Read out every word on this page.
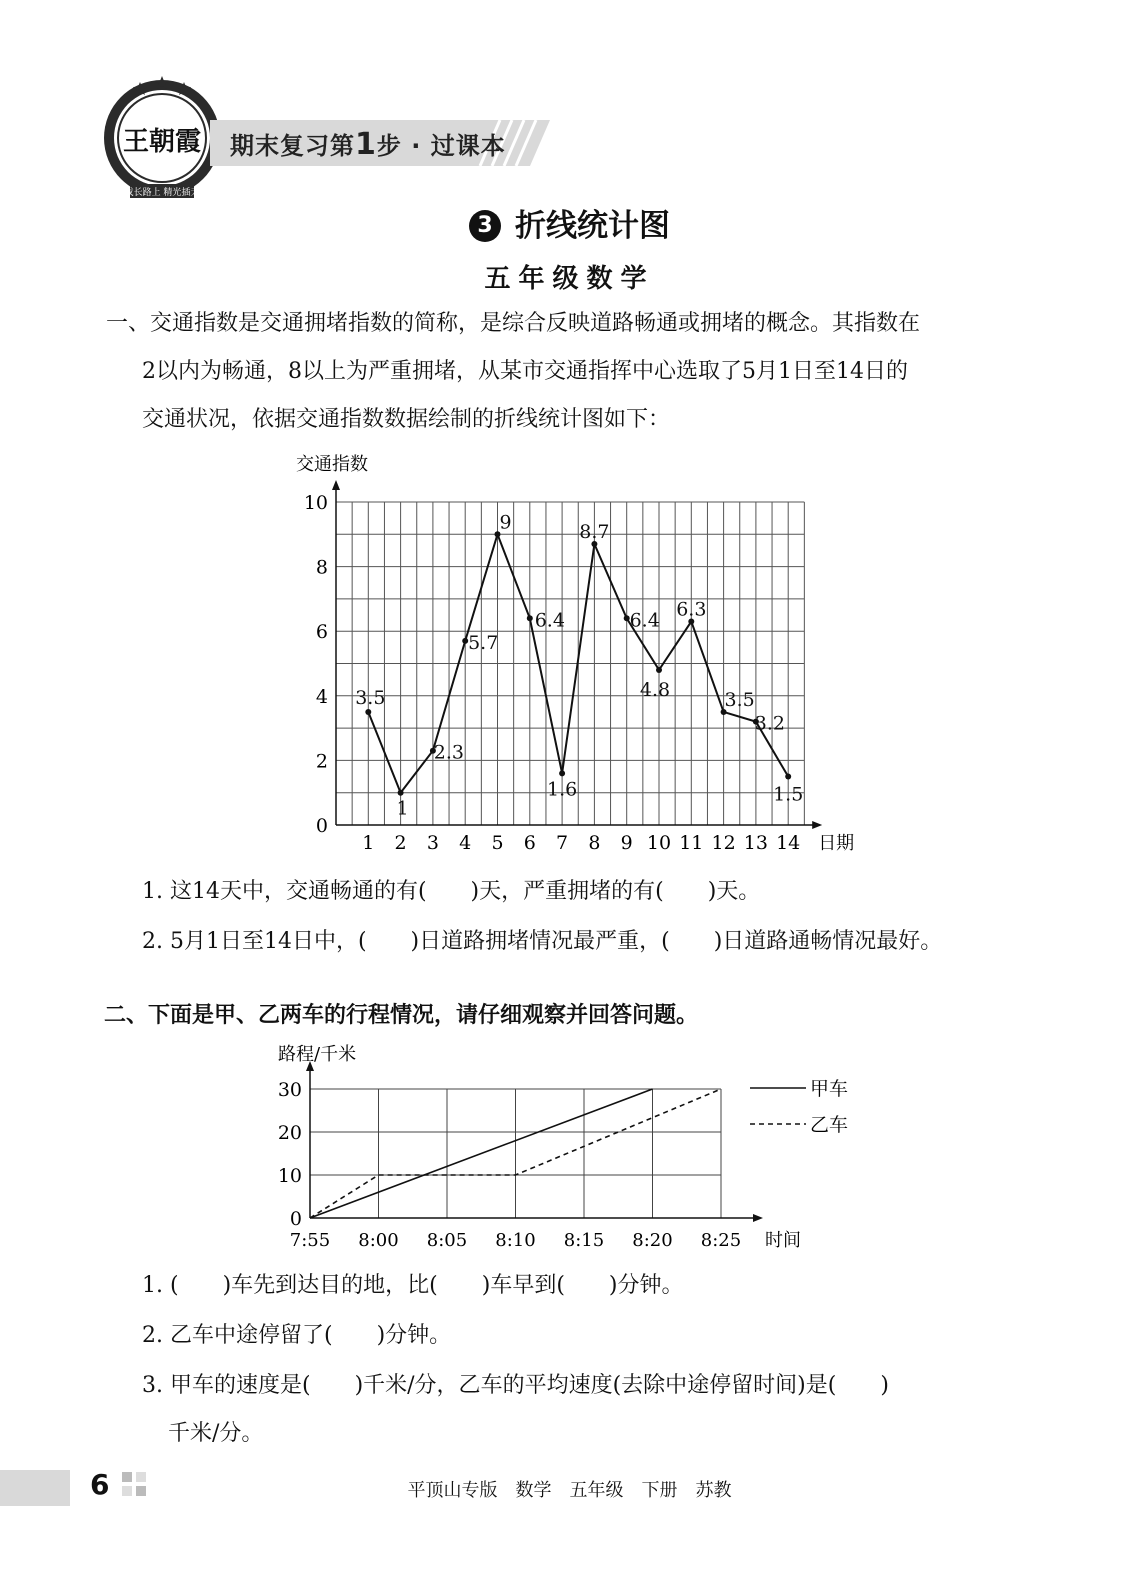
成长路上 精光插天
王朝霞 期末复习第1步 · 过课本
3 折线统计图
五年级数学
一、交通指数是交通拥堵指数的简称，是综合反映道路畅通或拥堵的概念。其指数在
2以内为畅通，8以上为严重拥堵，从某市交通指挥中心选取了5月1日至14日的
交通状况，依据交通指数数据绘制的折线统计图如下：
0
2
4
6
8
10
1 2 3 4 5 6 7 8 9 10 11 12 13 14 日期
交通指数
3.5
1
2.3
5.7
9
6.4
1.6
8.7
6.4
4.8
6.3
3.5
3.2
1.5
1. 这14天中，交通畅通的有(　　)天，严重拥堵的有(　　)天。
2. 5月1日至14日中，(　　)日道路拥堵情况最严重，(　　)日道路通畅情况最好。
二、下面是甲、乙两车的行程情况，请仔细观察并回答问题。
0
10
20
30
7:55 8:00 8:05 8:10 8:15 8:20 8:25 时间
路程/千米
甲车
乙车
1. (　　)车先到达目的地，比(　　)车早到(　　)分钟。
2. 乙车中途停留了(　　)分钟。
3. 甲车的速度是(　　)千米/分，乙车的平均速度(去除中途停留时间)是(　　)
千米/分。
6	平顶山专版　数学　五年级　下册　苏教
